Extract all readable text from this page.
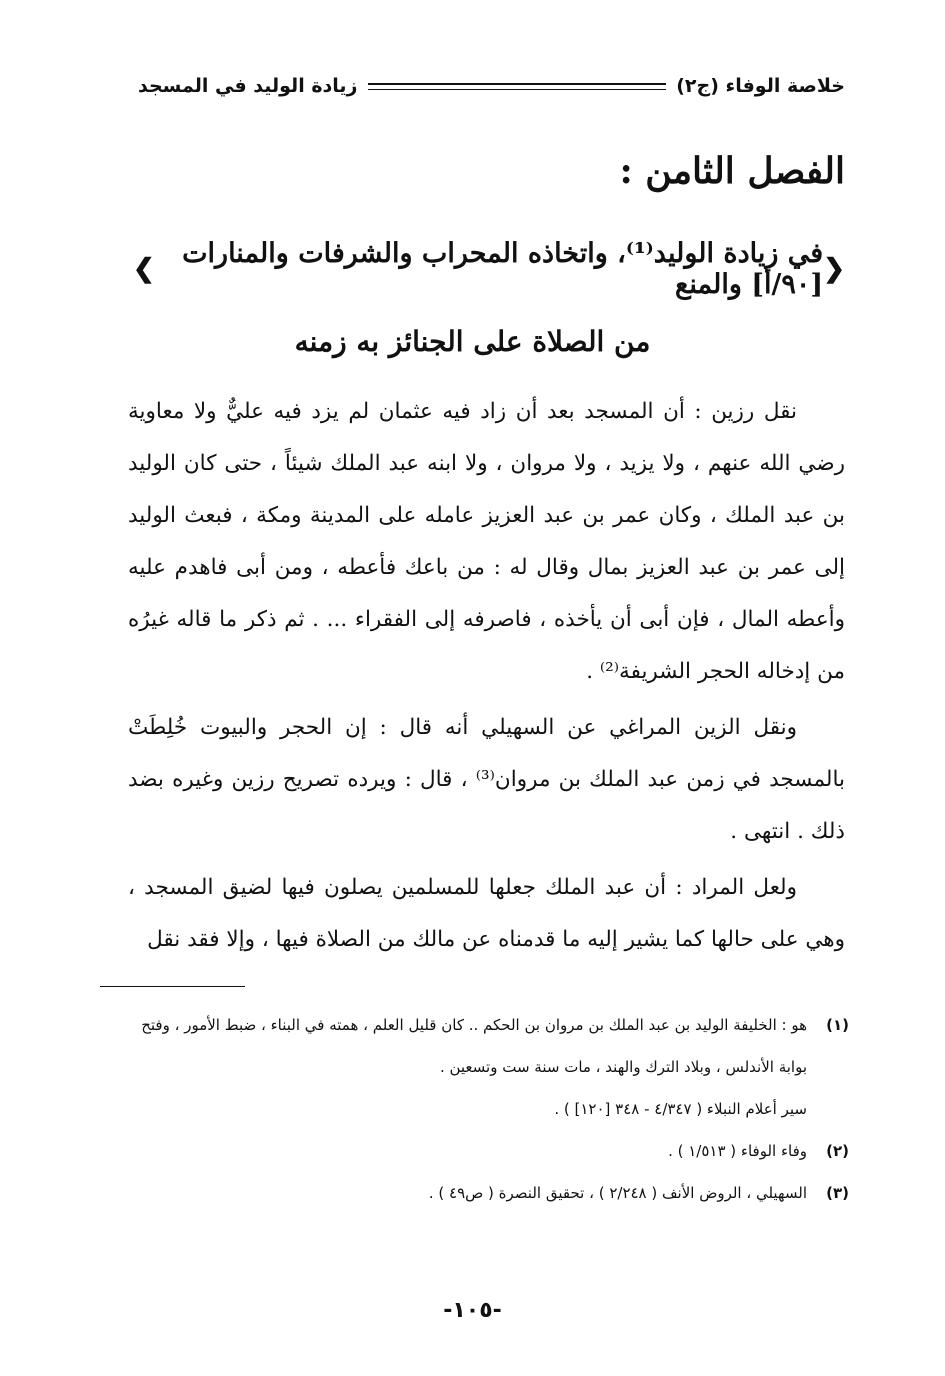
خلاصة الوفاء (ج٢)
زيادة الوليد في المسجد
الفصل الثامن :
❮
في زيادة الوليد⁽¹⁾، واتخاذه المحراب والشرفات والمنارات [٩٠/أ] والمنع
❯
من الصلاة على الجنائز به زمنه

نقل رزين : أن المسجد بعد أن زاد فيه عثمان لم يزد فيه عليٌّ ولا معاوية رضي الله عنهم ، ولا يزيد ، ولا مروان ، ولا ابنه عبد الملك شيئاً ، حتى كان الوليد بن عبد الملك ، وكان عمر بن عبد العزيز عامله على المدينة ومكة ، فبعث الوليد إلى عمر بن عبد العزيز بمال وقال له : من باعك فأعطه ، ومن أبى فاهدم عليه وأعطه المال ، فإن أبى أن يأخذه ، فاصرفه إلى الفقراء ... . ثم ذكر ما قاله غيرُه من إدخاله الحجر الشريفة⁽²⁾ .

ونقل الزين المراغي عن السهيلي أنه قال : إن الحجر والبيوت خُلِطَتْ بالمسجد في زمن عبد الملك بن مروان⁽³⁾ ، قال : ويرده تصريح رزين وغيره بضد ذلك . انتهى .

ولعل المراد : أن عبد الملك جعلها للمسلمين يصلون فيها لضيق المسجد ، وهي على حالها كما يشير إليه ما قدمناه عن مالك من الصلاة فيها ، وإلا فقد نقل

(١)
هو : الخليفة الوليد بن عبد الملك بن مروان بن الحكم .. كان قليل العلم ، همته في البناء ، ضبط الأمور ، وفتح بوابة الأندلس ، وبلاد الترك والهند ، مات سنة ست وتسعين .
سير أعلام النبلاء ( ٤/٣٤٧ - ٣٤٨ [١٢٠] ) .
(٢)
وفاء الوفاء ( ١/٥١٣ ) .
(٣)
السهيلي ، الروض الأنف ( ٢/٢٤٨ ) ، تحقيق النصرة ( ص٤٩ ) .
-١٠٥-
